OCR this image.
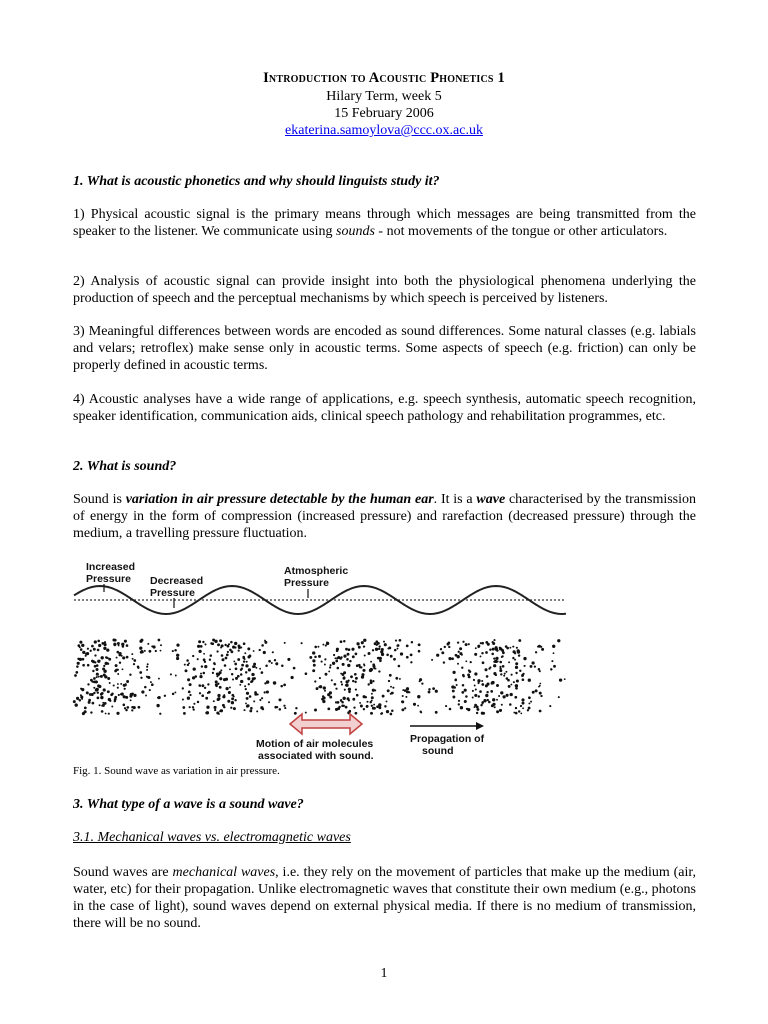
Introduction to Acoustic Phonetics 1
Hilary Term, week 5
15 February 2006
ekaterina.samoylova@ccc.ox.ac.uk
1. What is acoustic phonetics and why should linguists study it?
1) Physical acoustic signal is the primary means through which messages are being transmitted from the speaker to the listener. We communicate using sounds - not movements of the tongue or other articulators.
2) Analysis of acoustic signal can provide insight into both the physiological phenomena underlying the production of speech and the perceptual mechanisms by which speech is perceived by listeners.
3) Meaningful differences between words are encoded as sound differences. Some natural classes (e.g. labials and velars; retroflex) make sense only in acoustic terms. Some aspects of speech (e.g. friction) can only be properly defined in acoustic terms.
4) Acoustic analyses have a wide range of applications, e.g. speech synthesis, automatic speech recognition, speaker identification, communication aids, clinical speech pathology and rehabilitation programmes, etc.
2. What is sound?
Sound is variation in air pressure detectable by the human ear. It is a wave characterised by the transmission of energy in the form of compression (increased pressure) and rarefaction (decreased pressure) through the medium, a travelling pressure fluctuation.
Increased
Pressure Decreased
Pressure
Atmospheric
Pressure
Motion of air molecules
associated with sound.
Propagation of
sound
Fig. 1. Sound wave as variation in air pressure.
3. What type of a wave is a sound wave?
3.1. Mechanical waves vs. electromagnetic waves
Sound waves are mechanical waves, i.e. they rely on the movement of particles that make up the medium (air, water, etc) for their propagation. Unlike electromagnetic waves that constitute their own medium (e.g., photons in the case of light), sound waves depend on external physical media. If there is no medium of transmission, there will be no sound.
1
